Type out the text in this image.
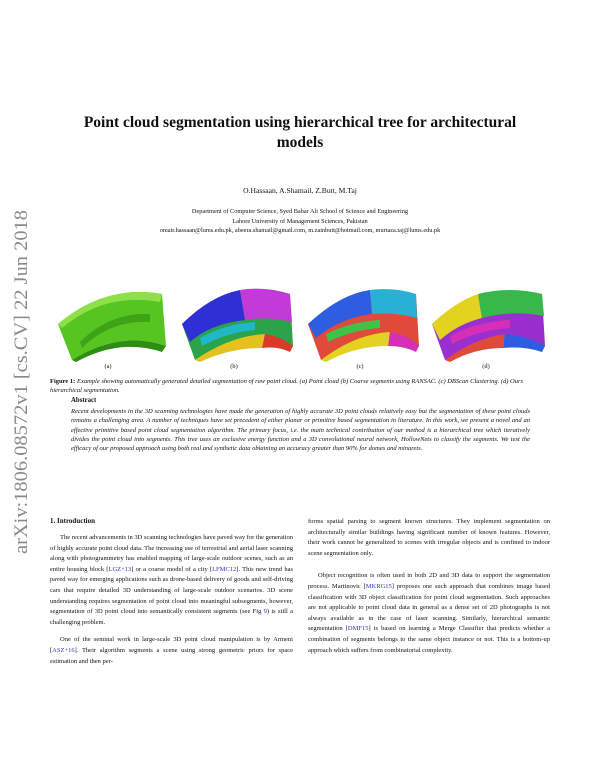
arXiv:1806.08572v1 [cs.CV] 22 Jun 2018
Point cloud segmentation using hierarchical tree for architectural
models
O.Hassaan, A.Shamail, Z.Butt, M.Taj
Department of Computer Science, Syed Babar Ali School of Science and Engineering
Lahore University of Management Sciences, Pakistan
omair.hassaan@lums.edu.pk, abeera.shamail@gmail.com, m.zainbutt@hotmail.com, murtaza.taj@lums.edu.pk
(a)	(b)	(c)	(d)
Figure 1: Example showing automatically generated detailed segmentation of raw point cloud. (a) Point cloud (b) Coarse segments using RANSAC. (c) DBScan Clustering. (d) Ours hierarchical segmentation.
Abstract
Recent developments in the 3D scanning technologies have made the generation of highly accurate 3D point clouds relatively easy but the segmentation of these point clouds remains a challenging area. A number of techniques have set precedent of either planar or primitive based segmentation in literature. In this work, we present a novel and an effective primitive based point cloud segmentation algorithm. The primary focus, i.e. the main technical contribution of our method is a hierarchical tree which iteratively divides the point cloud into segments. This tree uses an exclusive energy function and a 3D convolutional neural network, HollowNets to classify the segments. We test the efficacy of our proposed approach using both real and synthetic data obtaining an accuracy greater than 90% for domes and minarets.
1. Introduction

The recent advancements in 3D scanning technologies have paved way for the generation of highly accurate point cloud data. The increasing use of terrestrial and aerial laser scanning along with photogrammetry has enabled mapping of large-scale outdoor scenes, such as an entire housing block [LGZ+13] or a coarse model of a city [LFMC12]. This new trend has paved way for emerging applications such as drone-based delivery of goods and self-driving cars that require detailed 3D understanding of large-scale outdoor scenarios. 3D scene understanding requires segmentation of point cloud into meaningful subsegments, however, segmentation of 3D point cloud into semantically consistent segments (see Fig 9) is still a challenging problem.

One of the seminal work in large-scale 3D point cloud manipulation is by Armeni [ASZ+16]. Their algorithm segments a scene using strong geometric priors for space estimation and then per-

forms spatial parsing to segment known structures. They implement segmentation on architecturally similar buildings having significant number of known features. However, their work cannot be generalized to scenes with irregular objects and is confined to indoor scene segmentation only.

Object recognition is often used in both 2D and 3D data to support the segmentation process. Martinovic [MKRG15] proposes one such approach that combines image based classification with 3D object classification for point cloud segmentation. Such approaches are not applicable to point cloud data in general as a dense set of 2D photographs is not always available as in the case of laser scanning. Similarly, hierarchical semantic segmentation [DMF15] is based on learning a Merge Classifier that predicts whether a combination of segments belongs to the same object instance or not. This is a bottom-up approach which suffers from combinatorial complexity.
